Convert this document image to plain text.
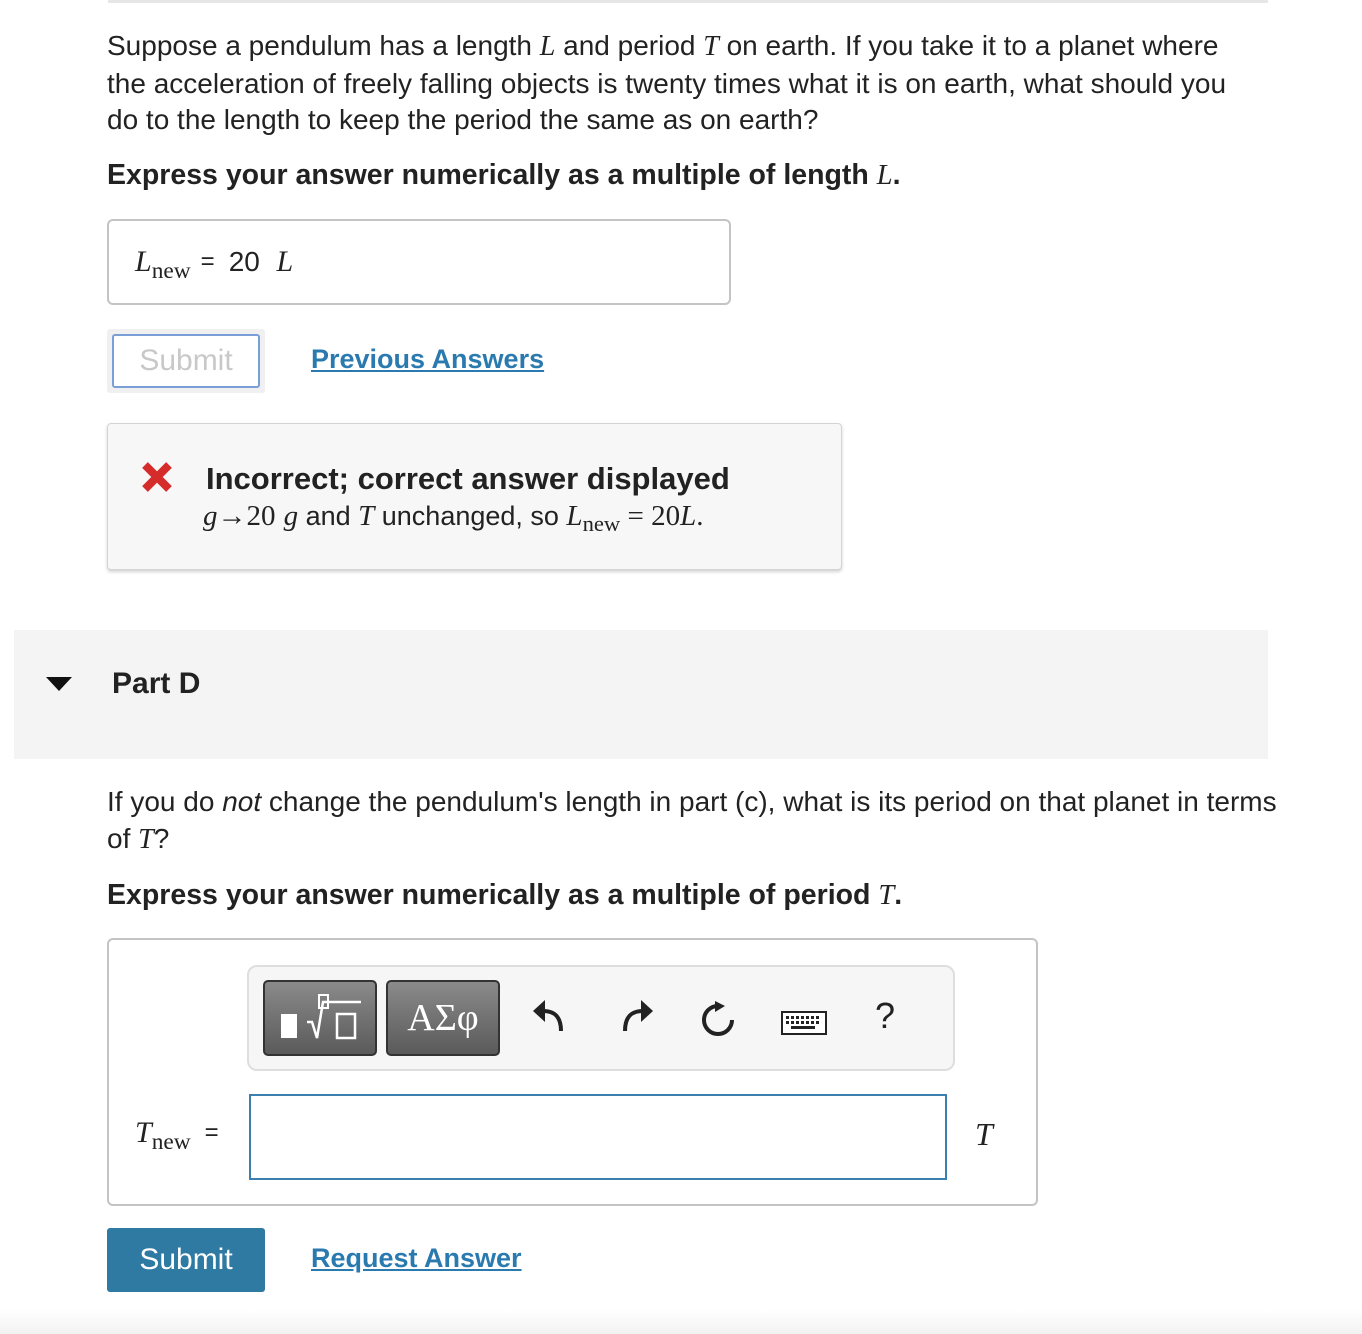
Suppose a pendulum has a length L and period T on earth. If you take it to a planet where the acceleration of freely falling objects is twenty times what it is on earth, what should you do to the length to keep the period the same as on earth?
Express your answer numerically as a multiple of length L.
$L_{new} = 20$ L
Submit	Previous Answers
Incorrect; correct answer displayed
g→20 g and T unchanged, so $L_{new} = 20L$.
Part D
If you do not change the pendulum's length in part (c), what is its period on that planet in terms of T?
Express your answer numerically as a multiple of period T.
ΑΣφ	?
$T_{new}$ =	T
Submit	Request Answer
